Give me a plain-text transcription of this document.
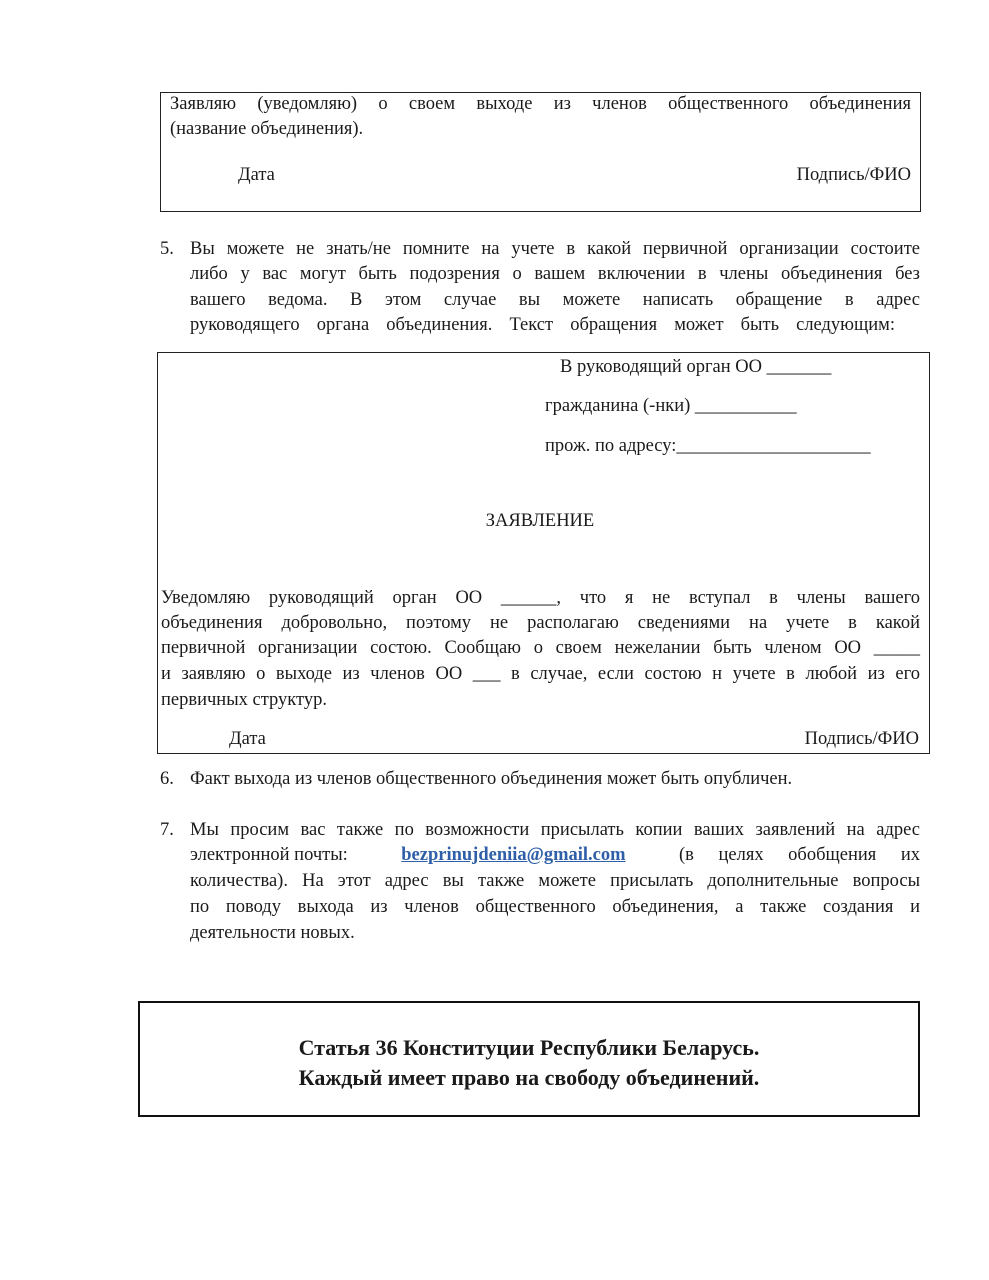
Заявляю (уведомляю) о своем выходе из членов общественного объединения
(название объединения).
Дата	Подпись/ФИО
5. Вы можете не знать/не помните на учете в какой первичной организации состоите
либо у вас могут быть подозрения о вашем включении в члены объединения без
вашего ведома. В этом случае вы можете написать обращение в адрес
руководящего органа объединения. Текст обращения может быть следующим:
В руководящий орган ОО _______
гражданина (-нки) ___________
прож. по адресу:_____________________
ЗАЯВЛЕНИЕ
Уведомляю руководящий орган ОО ______, что я не вступал в члены вашего
объединения добровольно, поэтому не располагаю сведениями на учете в какой
первичной организации состою. Сообщаю о своем нежелании быть членом ОО _____
и заявляю о выходе из членов ОО ___ в случае, если состою н учете в любой из его
первичных структур.
Дата	Подпись/ФИО
6. Факт выхода из членов общественного объединения может быть опубличен.
7. Мы просим вас также по возможности присылать копии ваших заявлений на адрес
электронной почты:	bezprinujdeniia@gmail.com	(в целях обобщения их
количества). На этот адрес вы также можете присылать дополнительные вопросы
по поводу выхода из членов общественного объединения, а также создания и
деятельности новых.
Статья 36 Конституции Республики Беларусь.
Каждый имеет право на свободу объединений.
